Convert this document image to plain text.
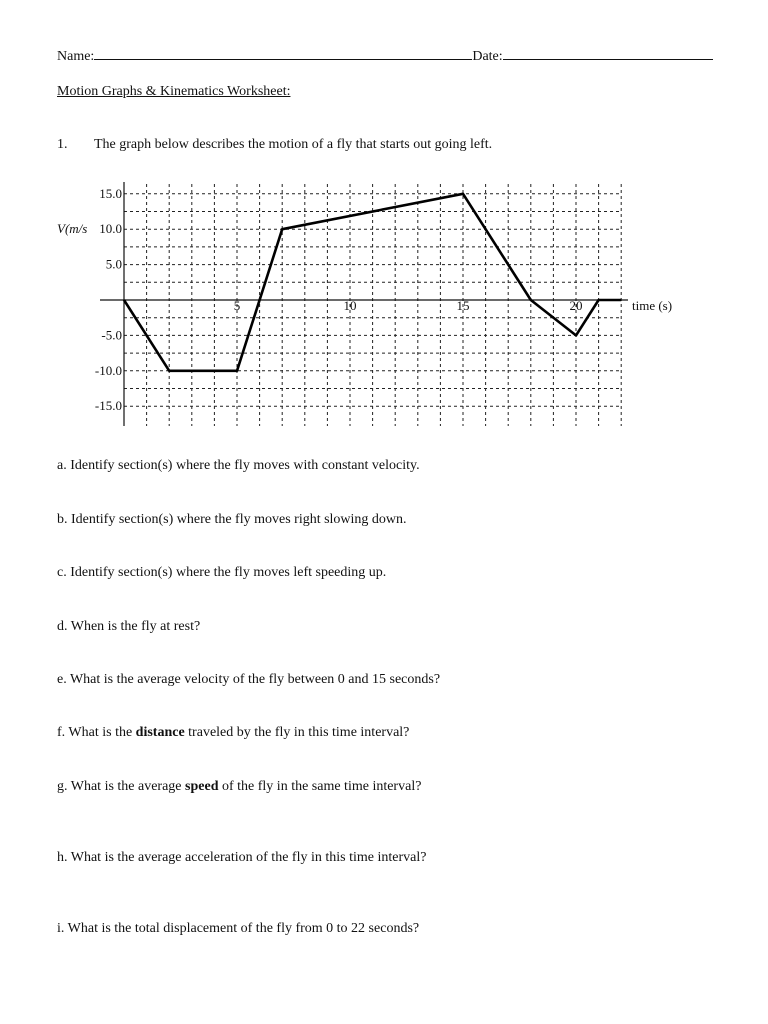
Name:	Date:
Motion Graphs & Kinematics Worksheet:
1. The graph below describes the motion of a fly that starts out going left.
15.0
10.0
5.0
-5.0
-10.0
-15.0
V(m/s
5	10	15	20	time (s)
a. Identify section(s) where the fly moves with constant velocity.
b. Identify section(s) where the fly moves right slowing down.
c. Identify section(s) where the fly moves left speeding up.
d. When is the fly at rest?
e. What is the average velocity of the fly between 0 and 15 seconds?
f. What is the distance traveled by the fly in this time interval?
g. What is the average speed of the fly in the same time interval?
h. What is the average acceleration of the fly in this time interval?
i. What is the total displacement of the fly from 0 to 22 seconds?
